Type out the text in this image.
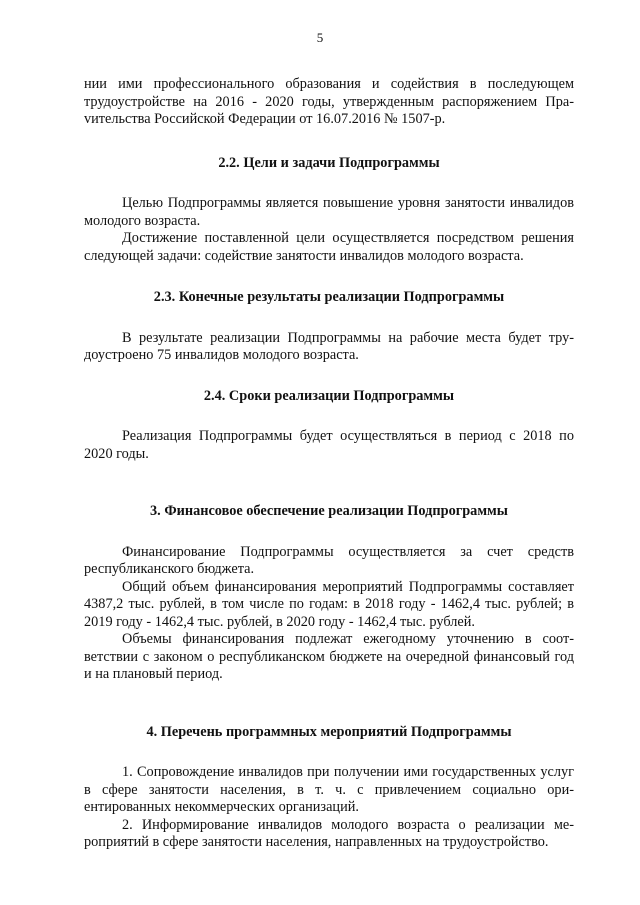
5

нии ими профессионального образования и содействия в последующем трудоустройстве на 2016 - 2020 годы, утвержденным распоряжением Праvительства Российской Федерации от 16.07.2016 № 1507-р.

2.2. Цели и задачи Подпрограммы

Целью Подпрограммы является повышение уровня занятости инвалидов молодого возраста.

Достижение поставленной цели осуществляется посредством решения следующей задачи: содействие занятости инвалидов молодого возраста.

2.3. Конечные результаты реализации Подпрограммы

В результате реализации Подпрограммы на рабочие места будет трудоустроено 75 инвалидов молодого возраста.

2.4. Сроки реализации Подпрограммы

Реализация Подпрограммы будет осуществляться в период с 2018 по 2020 годы.

3. Финансовое обеспечение реализации Подпрограммы

Финансирование Подпрограммы осуществляется за счет средств республиканского бюджета.

Общий объем финансирования мероприятий Подпрограммы составляет 4387,2 тыс. рублей, в том числе по годам: в 2018 году - 1462,4 тыс. рублей; в 2019 году - 1462,4 тыс. рублей, в 2020 году - 1462,4 тыс. рублей.

Объемы финансирования подлежат ежегодному уточнению в соответствии с законом о республиканском бюджете на очередной финансовый год и на плановый период.

4. Перечень программных мероприятий Подпрограммы

1. Сопровождение инвалидов при получении ими государственных услуг в сфере занятости населения, в т. ч. с привлечением социально ориентированных некоммерческих организаций.

2. Информирование инвалидов молодого возраста о реализации мероприятий в сфере занятости населения, направленных на трудоустройство.
